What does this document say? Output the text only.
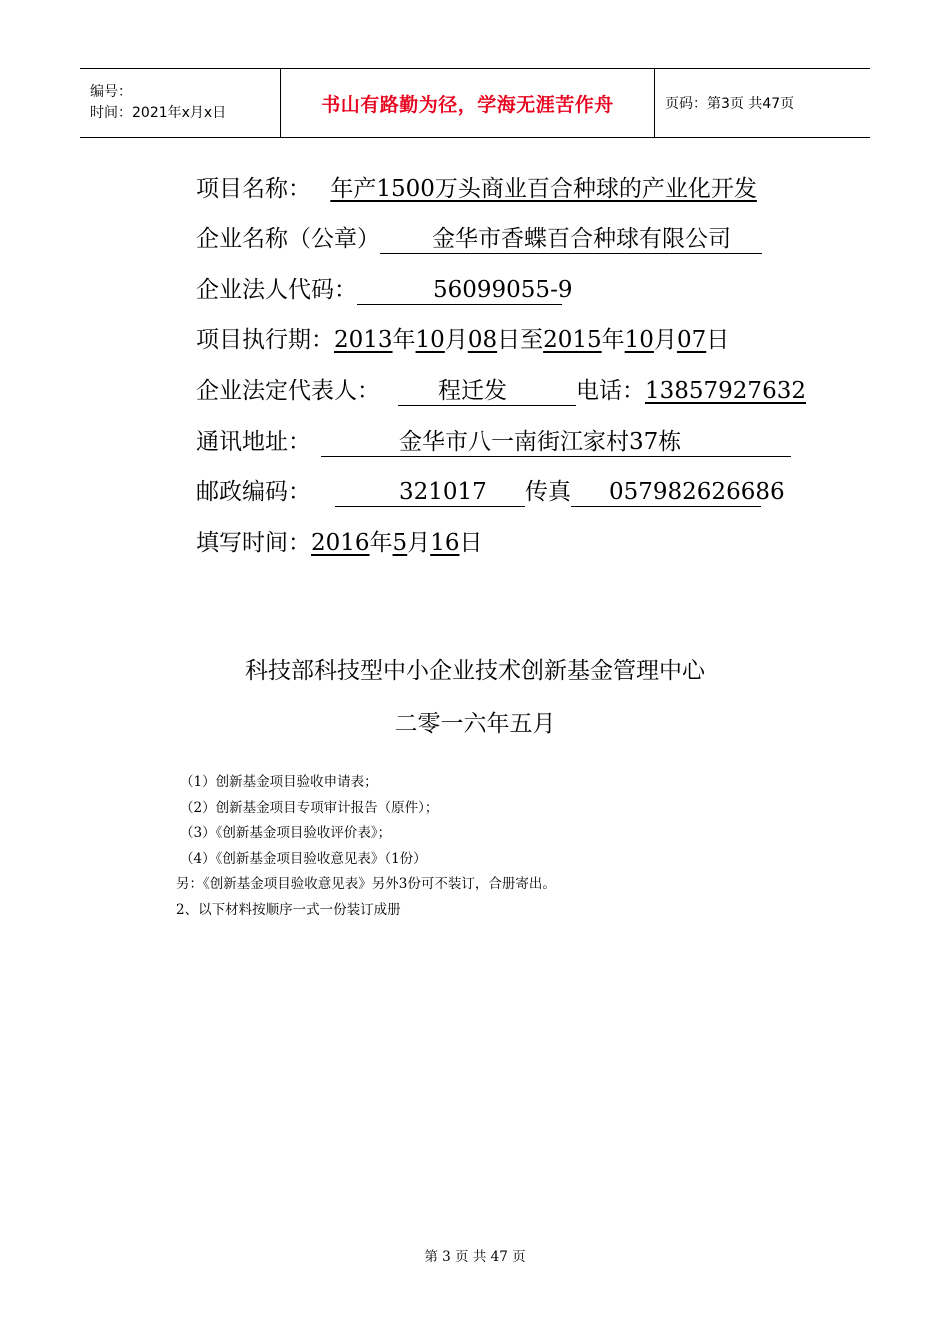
编号：
时间：2021年x月x日	书山有路勤为径，学海无涯苦作舟	页码：第3页 共47页
项目名称： 年产1500万头商业百合种球的产业化开发
企业名称（公章） 金华市香蝶百合种球有限公司
企业法人代码：	56099055-9
项目执行期：2013年10月08日至2015年10月07日
企业法定代表人：	程迁发	电话：13857927632
通讯地址：	金华市八一南街江家村37栋
邮政编码：	321017 传真 057982626686
填写时间：2016年5月16日
科技部科技型中小企业技术创新基金管理中心
二零一六年五月
（1）创新基金项目验收申请表；
（2）创新基金项目专项审计报告（原件）；
（3）《创新基金项目验收评价表》；
（4）《创新基金项目验收意见表》（1份）
另：《创新基金项目验收意见表》另外3份可不装订，合册寄出。
2、以下材料按顺序一式一份装订成册
第 3 页 共 47 页
